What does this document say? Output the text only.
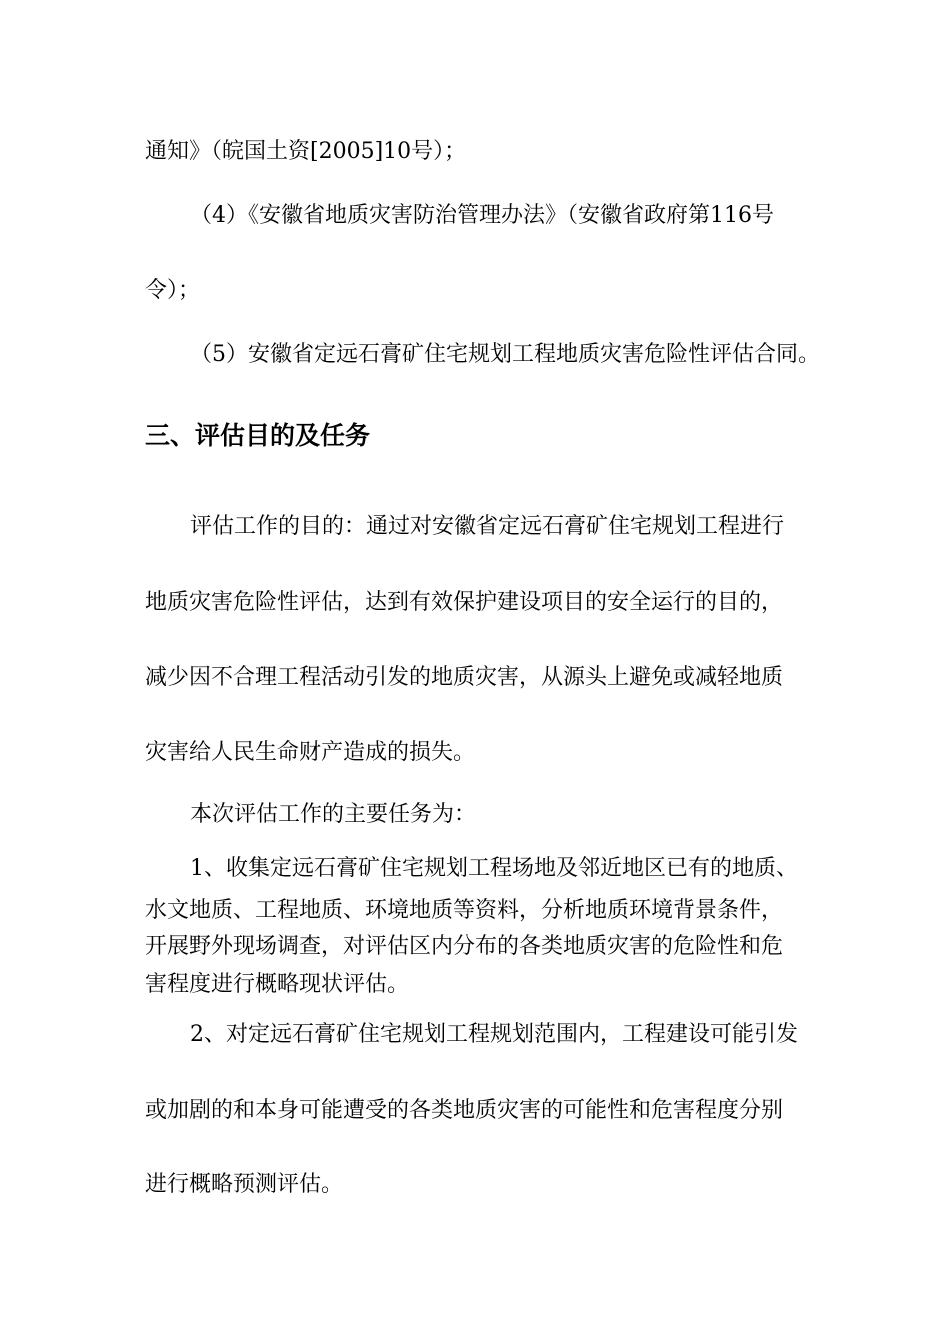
通知》（皖国土资[2005]10号）；
（4）《安徽省地质灾害防治管理办法》（安徽省政府第116号
令）；
（5）安徽省定远石膏矿住宅规划工程地质灾害危险性评估合同。
三、评估目的及任务
评估工作的目的：通过对安徽省定远石膏矿住宅规划工程进行
地质灾害危险性评估，达到有效保护建设项目的安全运行的目的，
减少因不合理工程活动引发的地质灾害，从源头上避免或减轻地质
灾害给人民生命财产造成的损失。
本次评估工作的主要任务为：
1、收集定远石膏矿住宅规划工程场地及邻近地区已有的地质、
水文地质、工程地质、环境地质等资料，分析地质环境背景条件，
开展野外现场调查，对评估区内分布的各类地质灾害的危险性和危
害程度进行概略现状评估。
2、对定远石膏矿住宅规划工程规划范围内，工程建设可能引发
或加剧的和本身可能遭受的各类地质灾害的可能性和危害程度分别
进行概略预测评估。
